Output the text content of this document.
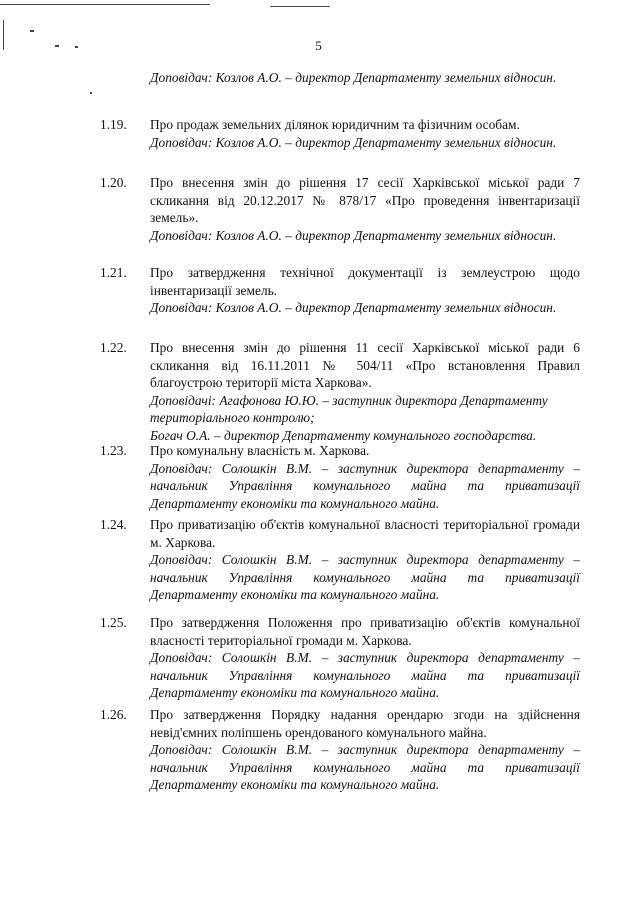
5

Доповідач: Козлов А.О. – директор Департаменту земельних відносин.

1.19. Про продаж земельних ділянок юридичним та фізичним особам.

Доповідач: Козлов А.О. – директор Департаменту земельних відносин.

1.20. Про внесення змін до рішення 17 сесії Харківської міської ради 7 скликання від 20.12.2017 № 878/17 «Про проведення інвентаризації земель».

Доповідач: Козлов А.О. – директор Департаменту земельних відносин.

1.21. Про затвердження технічної документації із землеустрою щодо інвентаризації земель.

Доповідач: Козлов А.О. – директор Департаменту земельних відносин.

1.22. Про внесення змін до рішення 11 сесії Харківської міської ради 6 скликання від 16.11.2011 № 504/11 «Про встановлення Правил благоустрою території міста Харкова».

Доповідачі: Агафонова Ю.Ю. – заступник директора Департаменту
територіального контролю;
Богач О.А. – директор Департаменту комунального господарства.

1.23. Про комунальну власність м. Харкова.

Доповідач: Солошкін В.М. – заступник директора департаменту – начальник Управління комунального майна та приватизації Департаменту економіки та комунального майна.

1.24. Про приватизацію об'єктів комунальної власності територіальної громади м. Харкова.

Доповідач: Солошкін В.М. – заступник директора департаменту – начальник Управління комунального майна та приватизації Департаменту економіки та комунального майна.

1.25. Про затвердження Положення про приватизацію об'єктів комунальної власності територіальної громади м. Харкова.

Доповідач: Солошкін В.М. – заступник директора департаменту – начальник Управління комунального майна та приватизації Департаменту економіки та комунального майна.

1.26. Про затвердження Порядку надання орендарю згоди на здійснення невід'ємних поліпшень орендованого комунального майна.

Доповідач: Солошкін В.М. – заступник директора департаменту – начальник Управління комунального майна та приватизації Департаменту економіки та комунального майна.
